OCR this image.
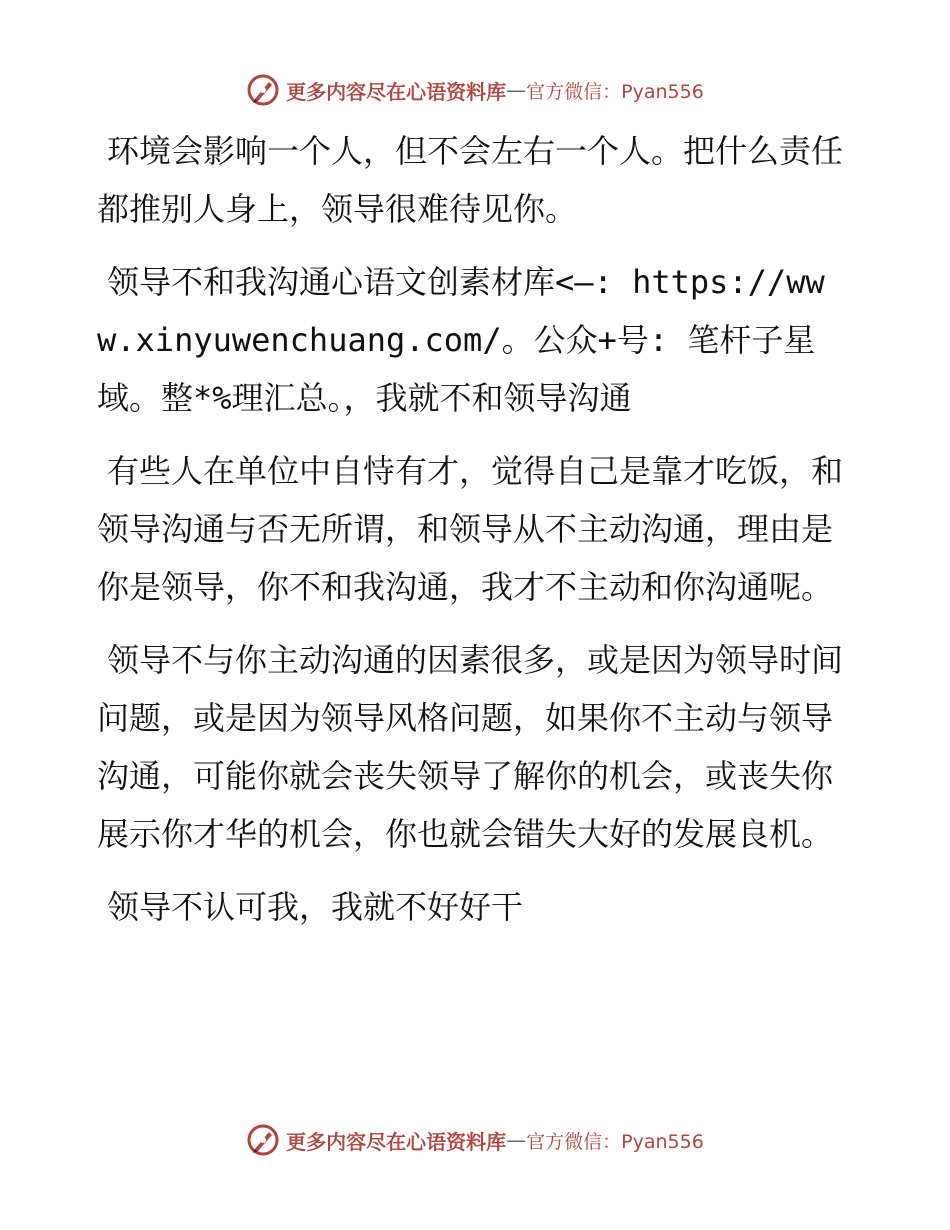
更多内容尽在心语资料库 — 官方微信：Pyan556

环境会影响一个人，但不会左右一个人。把什么责任都推别人身上，领导很难待见你。

领导不和我沟通心语文创素材库<—: https://www.xinyuwenchuang.com/。公众+号: 笔杆子星域。整*%理汇总。，我就不和领导沟通

有些人在单位中自恃有才，觉得自己是靠才吃饭，和领导沟通与否无所谓，和领导从不主动沟通，理由是你是领导，你不和我沟通，我才不主动和你沟通呢。

领导不与你主动沟通的因素很多，或是因为领导时间问题，或是因为领导风格问题，如果你不主动与领导沟通，可能你就会丧失领导了解你的机会，或丧失你展示你才华的机会，你也就会错失大好的发展良机。

领导不认可我，我就不好好干

更多内容尽在心语资料库 — 官方微信：Pyan556
